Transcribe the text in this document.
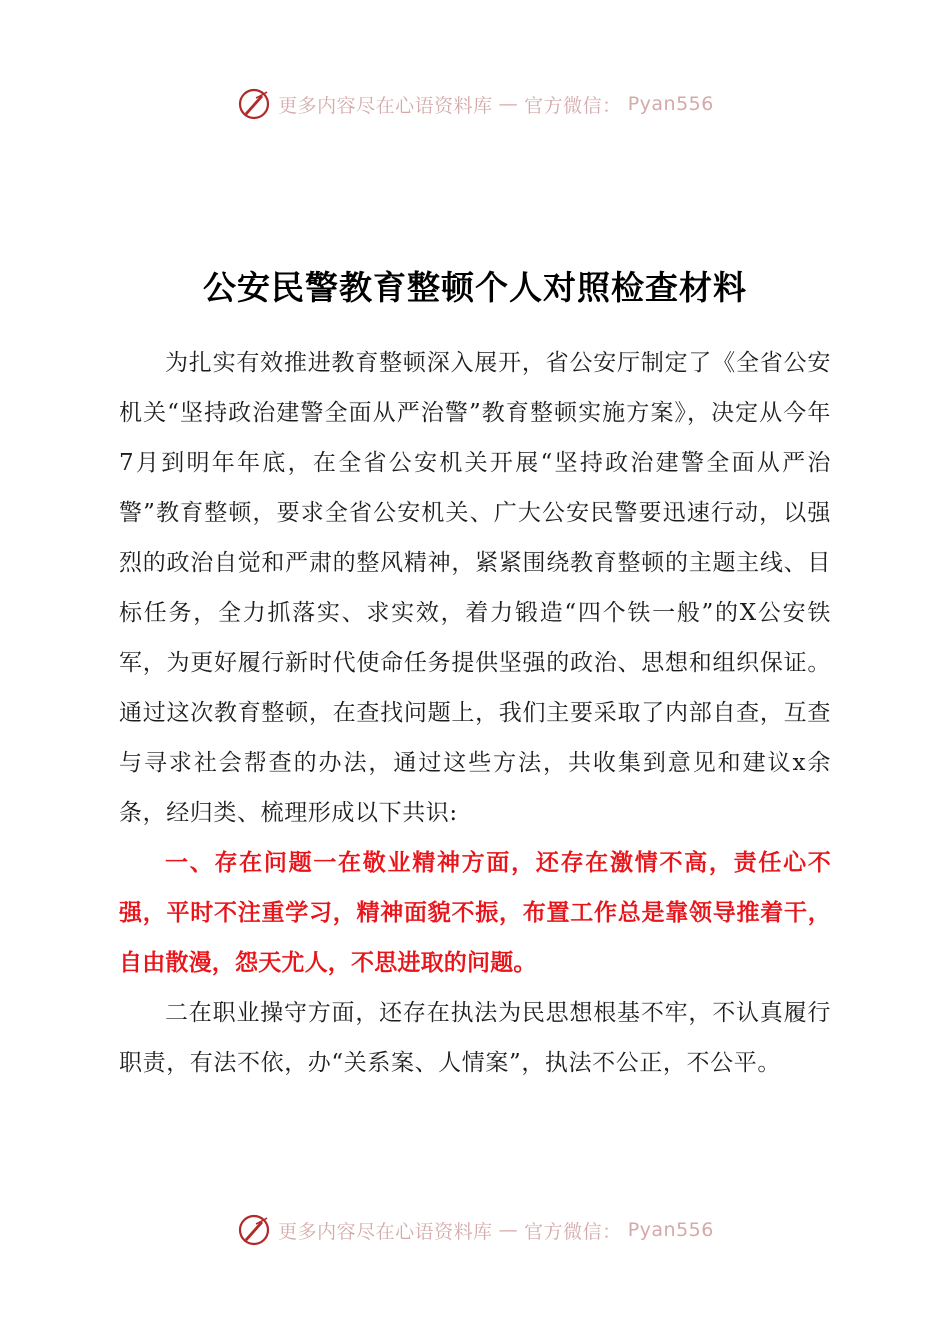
更多内容尽在心语资料库 — 官方微信： Pyan556
公安民警教育整顿个人对照检查材料

为扎实有效推进教育整顿深入展开，省公安厅制定了《全省公安机关“坚持政治建警全面从严治警”教育整顿实施方案》，决定从今年7月到明年年底，在全省公安机关开展“坚持政治建警全面从严治警”教育整顿，要求全省公安机关、广大公安民警要迅速行动，以强烈的政治自觉和严肃的整风精神，紧紧围绕教育整顿的主题主线、目标任务，全力抓落实、求实效，着力锻造“四个铁一般”的X公安铁军，为更好履行新时代使命任务提供坚强的政治、思想和组织保证。通过这次教育整顿，在查找问题上，我们主要采取了内部自查，互查与寻求社会帮查的办法，通过这些方法，共收集到意见和建议x余条，经归类、梳理形成以下共识:

一、存在问题一在敬业精神方面，还存在激情不高，责任心不强，平时不注重学习，精神面貌不振，布置工作总是靠领导推着干，自由散漫，怨天尤人，不思进取的问题。

二在职业操守方面，还存在执法为民思想根基不牢，不认真履行职责，有法不依，办“关系案、人情案”，执法不公正，不公平。

更多内容尽在心语资料库 — 官方微信： Pyan556
